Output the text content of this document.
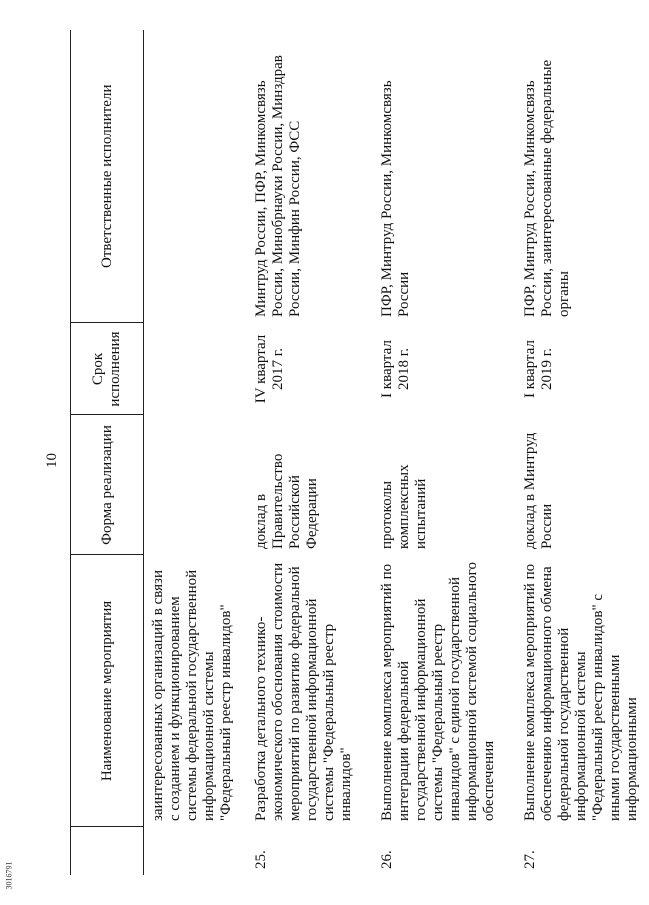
10
3016791
	Наименование мероприятия	Форма реализации	Срок исполнения	Ответственные исполнители
	заинтересованных организаций в связи с созданием и функционированием системы федеральной государственной информационной системы "Федеральный реестр инвалидов"			
25.	Разработка детального технико-экономического обоснования стоимости мероприятий по развитию федеральной государственной информационной системы "Федеральный реестр инвалидов"	доклад в Правительство Российской Федерации	IV квартал 2017 г.	Минтруд России, ПФР, Минкомсвязь России, Минобрнауки России, Минздрав России, Минфин России, ФСС
26.	Выполнение комплекса мероприятий по интеграции федеральной государственной информационной системы "Федеральный реестр инвалидов" с единой государственной информационной системой социального обеспечения	протоколы комплексных испытаний	I квартал 2018 г.	ПФР, Минтруд России, Минкомсвязь России
27.	Выполнение комплекса мероприятий по обеспечению информационного обмена федеральной государственной информационной системы "Федеральный реестр инвалидов" с иными государственными информационными	доклад в Минтруд России	I квартал 2019 г.	ПФР, Минтруд России, Минкомсвязь России, заинтересованные федеральные органы
